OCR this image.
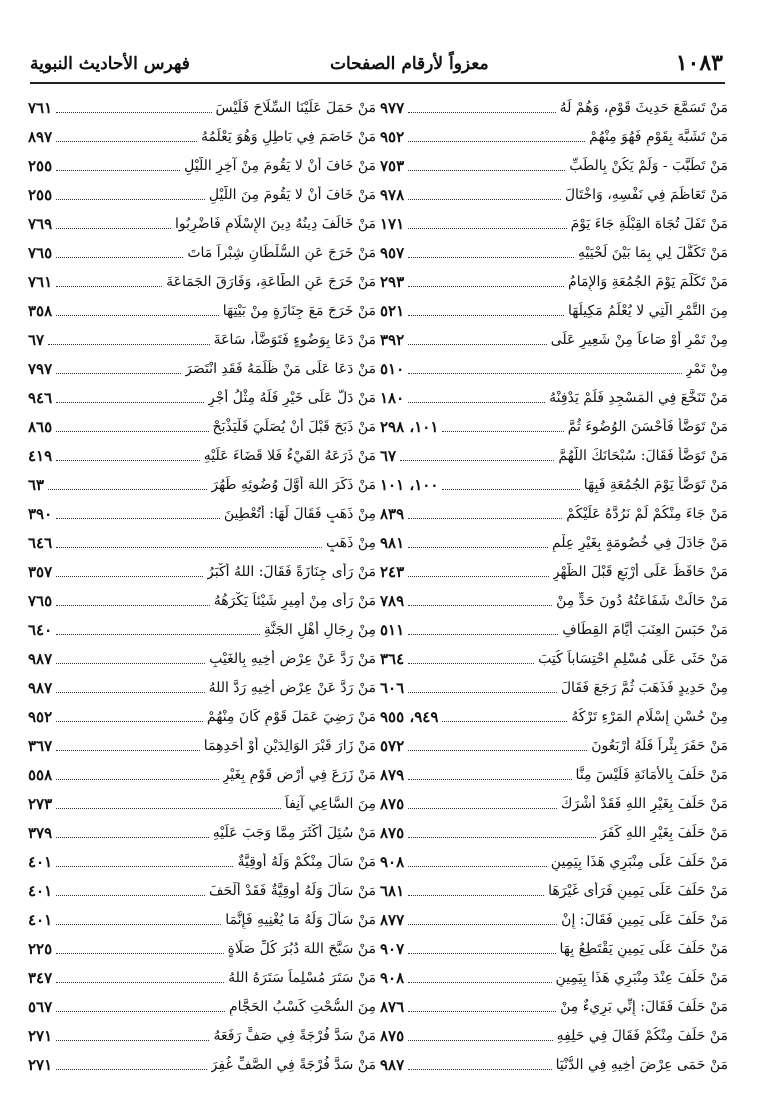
١٠٨٣
معزواً لأرقام الصفحات
فهرس الأحاديث النبوية
مَنْ تَسَمَّعَ حَدِيثَ قَوْمٍ، وَهُمْ لَهُ
٩٧٧
مَنْ تَشَبَّهَ بِقَوْمٍ فَهُوَ مِنْهُمْ
٩٥٢
مَنْ تَطَبَّبَ - وَلَمْ يَكُنْ بِالطِّبِّ
٧٥٣
مَنْ تَعَاظَمَ فِي نَفْسِهِ، وَاخْتَالَ
٩٧٨
مَنْ تَفَلَ تُجَاهَ القِبْلَةِ جَاءَ يَوْمَ
١٧١
مَنْ تَكَفَّلَ لِي بِمَا بَيْنَ لَحْيَيْهِ
٩٥٧
مَنْ تَكَلَّمَ يَوْمَ الجُمُعَةِ وَالإِمَامُ
٢٩٣
مِنَ التَّمْرِ الَّتِي لا يُعْلَمُ مَكِيلُهَا
٥٢١
مِنْ تَمْرٍ أَوْ صَاعاً مِنْ شَعِيرٍ عَلَى
٣٩٢
مِنْ تَمْرٍ
٥١٠
مَنْ تَنَخَّعَ فِي المَسْجِدِ فَلَمْ يَدْفِنْهُ
١٨٠
مَنْ تَوَضَّأَ فَأَحْسَنَ الوُضُوءَ ثُمَّ
١٠١، ٢٩٨
مَنْ تَوَضَّأَ فَقَالَ: سُبْحَانَكَ اللَّهُمَّ
٦٧
مَنْ تَوَضَّأَ يَوْمَ الجُمُعَةِ فَبِهَا
١٠٠، ١٠١
مَنْ جَاءَ مِنْكُمْ لَمْ نَرُدَّهُ عَلَيْكُمْ
٨٣٩
مَنْ جَادَلَ فِي خُصُومَةٍ بِغَيْرِ عِلْمٍ
٩٨١
مَنْ حَافَظَ عَلَى أَرْبَعٍ قَبْلَ الظُّهْرِ
٢٤٣
مَنْ حَالَتْ شَفَاعَتُهُ دُونَ حَدٍّ مِنْ
٧٨٩
مَنْ حَبَسَ العِنَبَ أَيَّامَ القِطَافِ
٥١١
مَنْ حَثَى عَلَى مُسْلِمٍ احْتِسَاباً كُتِبَ
٣٦٤
مِنْ حَدِيدٍ فَذَهَبَ ثُمَّ رَجَعَ فَقَالَ
٦٠٦
مِنْ حُسْنِ إِسْلَامِ المَرْءِ تَرْكُهُ
٩٤٩، ٩٥٥
مَنْ حَفَرَ بِئْراً فَلَهُ أَرْبَعُونَ
٥٧٢
مَنْ حَلَفَ بِالأَمَانَةِ فَلَيْسَ مِنَّا
٨٧٩
مَنْ حَلَفَ بِغَيْرِ اللهِ فَقَدْ أَشْرَكَ
٨٧٥
مَنْ حَلَفَ بِغَيْرِ اللهِ كَفَرَ
٨٧٥
مَنْ حَلَفَ عَلَى مِنْبَرِي هَذَا بِيَمِينٍ
٩٠٨
مَنْ حَلَفَ عَلَى يَمِينٍ فَرَأَى غَيْرَهَا
٦٨١
مَنْ حَلَفَ عَلَى يَمِينٍ فَقَالَ: إِنْ
٨٧٧
مَنْ حَلَفَ عَلَى يَمِينٍ يَقْتَطِعُ بِهَا
٩٠٧
مَنْ حَلَفَ عِنْدَ مِنْبَرِي هَذَا بِيَمِينٍ
٩٠٨
مَنْ حَلَفَ فَقَالَ: إِنِّي بَرِيءٌ مِنْ
٨٧٦
مَنْ حَلَفَ مِنْكُمْ فَقَالَ فِي حَلِفِهِ
٨٧٥
مَنْ حَمَى عِرْضَ أَخِيهِ فِي الدُّنْيَا
٩٨٧
مَنْ حَمَلَ عَلَيْنَا السِّلَاحَ فَلَيْسَ
٧٦١
مَنْ خَاصَمَ فِي بَاطِلٍ وَهُوَ يَعْلَمُهُ
٨٩٧
مَنْ خَافَ أَنْ لا يَقُومَ مِنْ آخِرِ اللَّيْلِ
٢٥٥
مَنْ خَافَ أَنْ لا يَقُومَ مِنَ اللَّيْلِ
٢٥٥
مَنْ خَالَفَ دِينُهُ دِينَ الإِسْلَامِ فَاضْرِبُوا
٧٦٩
مَنْ خَرَجَ عَنِ السُّلْطَانِ شِبْراً مَاتَ
٧٦٥
مَنْ خَرَجَ عَنِ الطَّاعَةِ، وَفَارَقَ الجَمَاعَةَ
٧٦١
مَنْ خَرَجَ مَعَ جِنَازَةٍ مِنْ بَيْتِهَا
٣٥٨
مَنْ دَعَا بِوَضُوءٍ فَتَوَضَّأَ، سَاعَةَ
٦٧
مَنْ دَعَا عَلَى مَنْ ظَلَمَهُ فَقَدِ انْتَصَرَ
٧٩٧
مَنْ دَلَّ عَلَى خَيْرٍ فَلَهُ مِثْلُ أَجْرِ
٩٤٦
مَنْ ذَبَحَ قَبْلَ أَنْ يُصَلِّيَ فَلْيَذْبَحْ
٨٦٥
مَنْ ذَرَعَهُ القَيْءُ فَلا قَضَاءَ عَلَيْهِ
٤١٩
مَنْ ذَكَرَ اللهَ أَوَّلَ وُضُوئِهِ طَهُرَ
٦٣
مِنْ ذَهَبٍ فَقَالَ لَهَا: أَتُعْطِينَ
٣٩٠
مِنْ ذَهَبٍ
٦٤٦
مَنْ رَأَى جِنَازَةً فَقَالَ: اللهُ أَكْبَرُ
٣٥٧
مَنْ رَأَى مِنْ أَمِيرٍ شَيْئاً يَكْرَهُهُ
٧٦٥
مِنْ رِجَالِ أَهْلِ الجَنَّةِ
٦٤٠
مَنْ رَدَّ عَنْ عِرْضِ أَخِيهِ بِالغَيْبِ
٩٨٧
مَنْ رَدَّ عَنْ عِرْضِ أَخِيهِ رَدَّ اللهُ
٩٨٧
مَنْ رَضِيَ عَمَلَ قَوْمٍ كَانَ مِنْهُمْ
٩٥٢
مَنْ زَارَ قَبْرَ الوَالِدَيْنِ أَوْ أَحَدِهِمَا
٣٦٧
مَنْ زَرَعَ فِي أَرْضِ قَوْمٍ بِغَيْرِ
٥٥٨
مِنَ السَّاعِي آنِفاً
٢٧٣
مَنْ سُئِلَ أَكْثَرَ مِمَّا وَجَبَ عَلَيْهِ
٣٧٩
مَنْ سَأَلَ مِنْكُمْ وَلَهُ أُوقِيَّةٌ
٤٠١
مَنْ سَأَلَ وَلَهُ أُوقِيَّةٌ فَقَدْ أَلْحَفَ
٤٠١
مَنْ سَأَلَ وَلَهُ مَا يُغْنِيهِ فَإِنَّمَا
٤٠١
مَنْ سَبَّحَ اللهَ دُبُرَ كُلِّ صَلَاةٍ
٢٢٥
مَنْ سَتَرَ مُسْلِماً سَتَرَهُ اللهُ
٣٤٧
مِنَ السُّحْتِ كَسْبُ الحَجَّامِ
٥٦٧
مَنْ سَدَّ فُرْجَةً فِي صَفٍّ رَفَعَهُ
٢٧١
مَنْ سَدَّ فُرْجَةً فِي الصَّفِّ غُفِرَ
٢٧١
